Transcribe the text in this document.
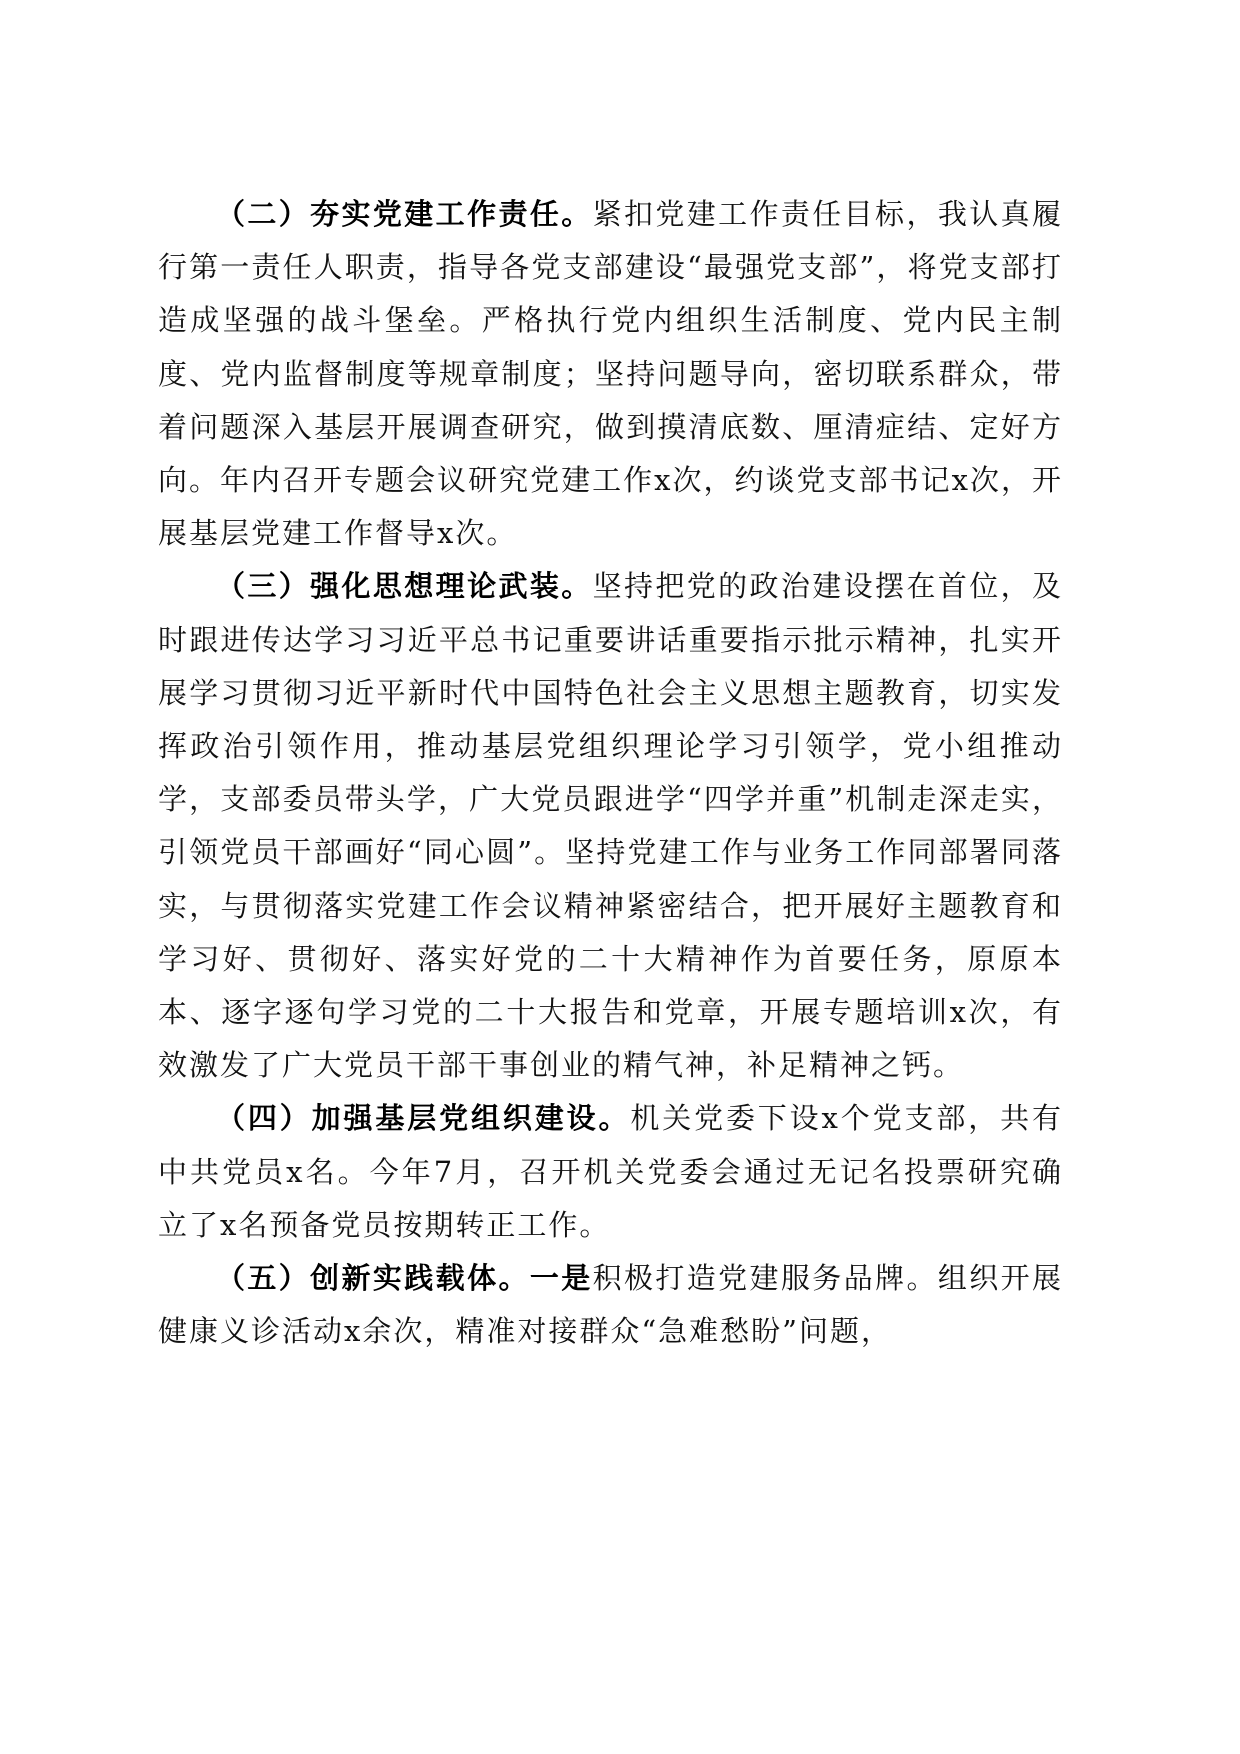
（二）夯实党建工作责任。紧扣党建工作责任目标，我认真履行第一责任人职责，指导各党支部建设“最强党支部”，将党支部打造成坚强的战斗堡垒。严格执行党内组织生活制度、党内民主制度、党内监督制度等规章制度；坚持问题导向，密切联系群众，带着问题深入基层开展调查研究，做到摸清底数、厘清症结、定好方向。年内召开专题会议研究党建工作x次，约谈党支部书记x次，开展基层党建工作督导x次。

（三）强化思想理论武装。坚持把党的政治建设摆在首位，及时跟进传达学习习近平总书记重要讲话重要指示批示精神，扎实开展学习贯彻习近平新时代中国特色社会主义思想主题教育，切实发挥政治引领作用，推动基层党组织理论学习引领学，党小组推动学，支部委员带头学，广大党员跟进学“四学并重”机制走深走实，引领党员干部画好“同心圆”。坚持党建工作与业务工作同部署同落实，与贯彻落实党建工作会议精神紧密结合，把开展好主题教育和学习好、贯彻好、落实好党的二十大精神作为首要任务，原原本本、逐字逐句学习党的二十大报告和党章，开展专题培训x次，有效激发了广大党员干部干事创业的精气神，补足精神之钙。

（四）加强基层党组织建设。机关党委下设x个党支部，共有中共党员x名。今年7月，召开机关党委会通过无记名投票研究确立了x名预备党员按期转正工作。

（五）创新实践载体。一是积极打造党建服务品牌。组织开展健康义诊活动x余次，精准对接群众“急难愁盼”问题，
